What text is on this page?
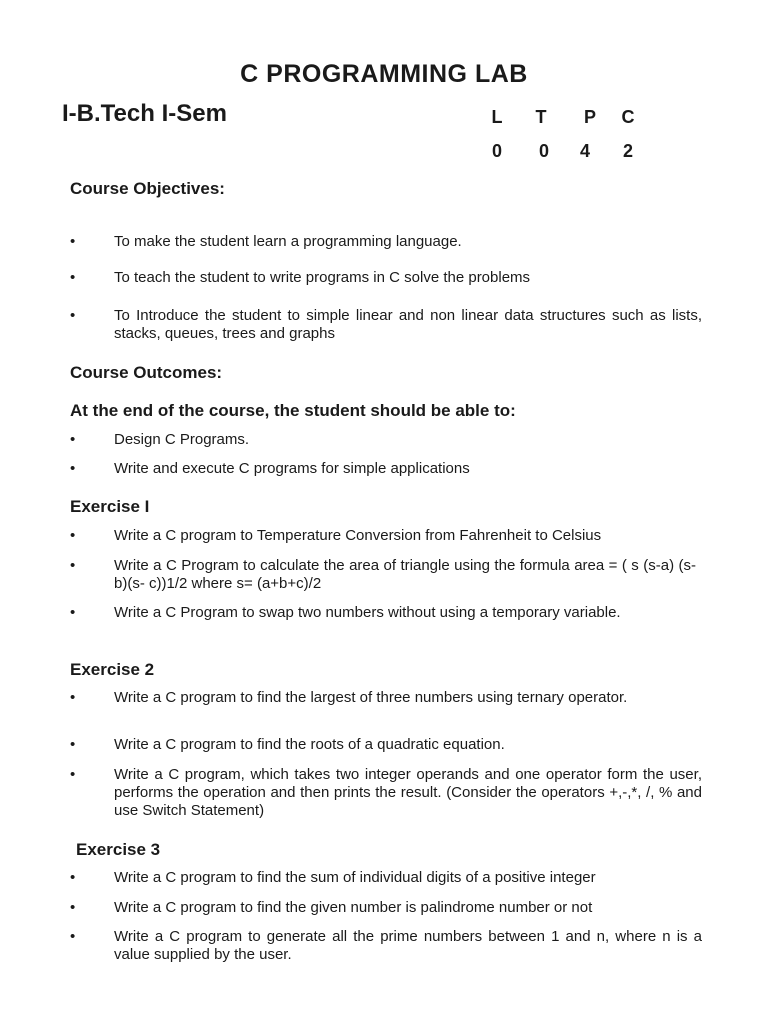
C PROGRAMMING LAB
I-B.Tech I-Sem	L	T	P	C
0	0	4	2
Course Objectives:
•	To make the student learn a programming language.
•	To teach the student to write programs in C solve the problems
•	To Introduce the student to simple linear and non linear data structures such as lists, stacks, queues, trees and graphs
Course Outcomes:
At the end of the course, the student should be able to:
•	Design C Programs.
•	Write and execute C programs for simple applications
Exercise I
•	Write a C program to Temperature Conversion from Fahrenheit to Celsius
•	Write a C Program to calculate the area of triangle using the formula area = ( s (s-a) (s-b)(s- c))1/2 where s= (a+b+c)/2
•	Write a C Program to swap two numbers without using a temporary variable.
Exercise 2
•	Write a C program to find the largest of three numbers using ternary operator.
•	Write a C program to find the roots of a quadratic equation.
•	Write a C program, which takes two integer operands and one operator form the user, performs the operation and then prints the result. (Consider the operators +,-,*, /, % and use Switch Statement)
Exercise 3
•	Write a C program to find the sum of individual digits of a positive integer
•	Write a C program to find the given number is palindrome number or not
•	Write a C program to generate all the prime numbers between 1 and n, where n is a value supplied by the user.
